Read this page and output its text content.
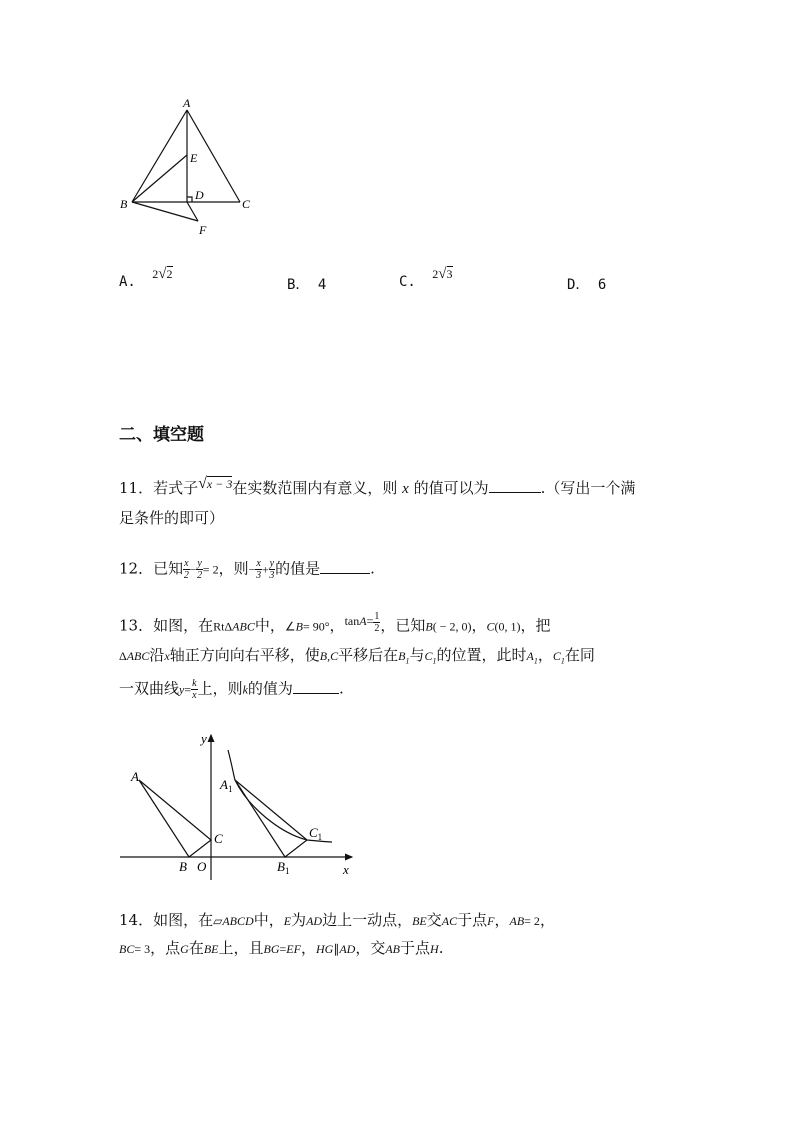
A
E
D
B	C
F
A. 2√2
B． 4	C. 2√3
D． 6
二、填空题
11．若式子$^{√x - 3}$在实数范围内有意义，则 x 的值可以为	.（写出一个满
足条件的即可）
12．已知 $\frac{x}{2} - \frac{y}{2} = 2$，则− $\frac{x}{3} + \frac{y}{3}$ 的值是	.
13．如图，在RtΔABC中，∠B= 90°，$^{tanA=} \frac{1}{2}$ ，已知B( − 2, 0)，C(0, 1)，把
ΔABC沿x轴正方向向右平移，使B,C平移后在$B_1$与$C_1$的位置，此时$A_1$，$C_1$在同
一双曲线$y= \frac{k}{x}$ 上，则k的值为	.
y
x
A
$A_1$
C	$C_1$
B O	$B_1$
14．如图，在▱ABCD中，E为AD边上一动点，BE交AC于点F，AB= 2，
BC= 3，点G在BE上，且BG=EF，HG∥AD，交AB于点H.
